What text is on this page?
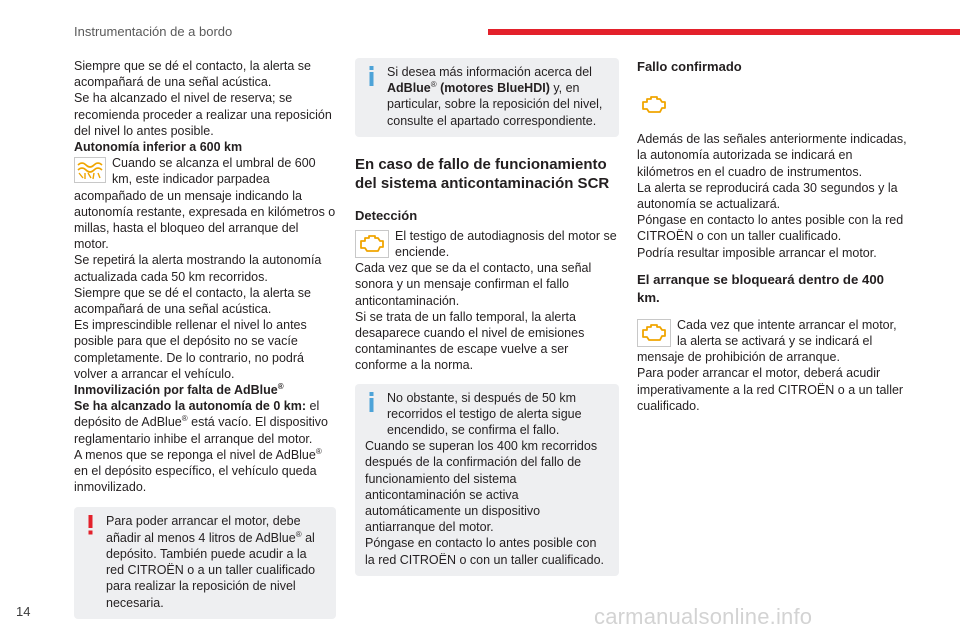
Instrumentación de a bordo
Siempre que se dé el contacto, la alerta se acompañará de una señal acústica.
Se ha alcanzado el nivel de reserva; se recomienda proceder a realizar una reposición del nivel lo antes posible.
Autonomía inferior a 600 km
Cuando se alcanza el umbral de 600 km, este indicador parpadea acompañado de un mensaje indicando la autonomía restante, expresada en kilómetros o millas, hasta el bloqueo del arranque del motor.
Se repetirá la alerta mostrando la autonomía actualizada cada 50 km recorridos.
Siempre que se dé el contacto, la alerta se acompañará de una señal acústica.
Es imprescindible rellenar el nivel lo antes posible para que el depósito no se vacíe completamente. De lo contrario, no podrá volver a arrancar el vehículo.
Inmovilización por falta de AdBlue®
Se ha alcanzado la autonomía de 0 km: el depósito de AdBlue® está vacío. El dispositivo reglamentario inhibe el arranque del motor.
A menos que se reponga el nivel de AdBlue® en el depósito específico, el vehículo queda inmovilizado.
Para poder arrancar el motor, debe añadir al menos 4 litros de AdBlue® al depósito. También puede acudir a la red CITROËN o a un taller cualificado para realizar la reposición de nivel necesaria.
Si desea más información acerca del AdBlue® (motores BlueHDI) y, en particular, sobre la reposición del nivel, consulte el apartado correspondiente.
En caso de fallo de funcionamiento del sistema anticontaminación SCR
Detección
El testigo de autodiagnosis del motor se enciende.
Cada vez que se da el contacto, una señal sonora y un mensaje confirman el fallo anticontaminación.
Si se trata de un fallo temporal, la alerta desaparece cuando el nivel de emisiones contaminantes de escape vuelve a ser conforme a la norma.
No obstante, si después de 50 km recorridos el testigo de alerta sigue encendido, se confirma el fallo.
Cuando se superan los 400 km recorridos después de la confirmación del fallo de funcionamiento del sistema anticontaminación se activa automáticamente un dispositivo antiarranque del motor.
Póngase en contacto lo antes posible con la red CITROËN o con un taller cualificado.
Fallo confirmado
Además de las señales anteriormente indicadas, la autonomía autorizada se indicará en kilómetros en el cuadro de instrumentos.
La alerta se reproducirá cada 30 segundos y la autonomía se actualizará.
Póngase en contacto lo antes posible con la red CITROËN o con un taller cualificado.
Podría resultar imposible arrancar el motor.
El arranque se bloqueará dentro de 400 km.
Cada vez que intente arrancar el motor, la alerta se activará y se indicará el mensaje de prohibición de arranque.
Para poder arrancar el motor, deberá acudir imperativamente a la red CITROËN o a un taller cualificado.
14	carmanualsonline.info
